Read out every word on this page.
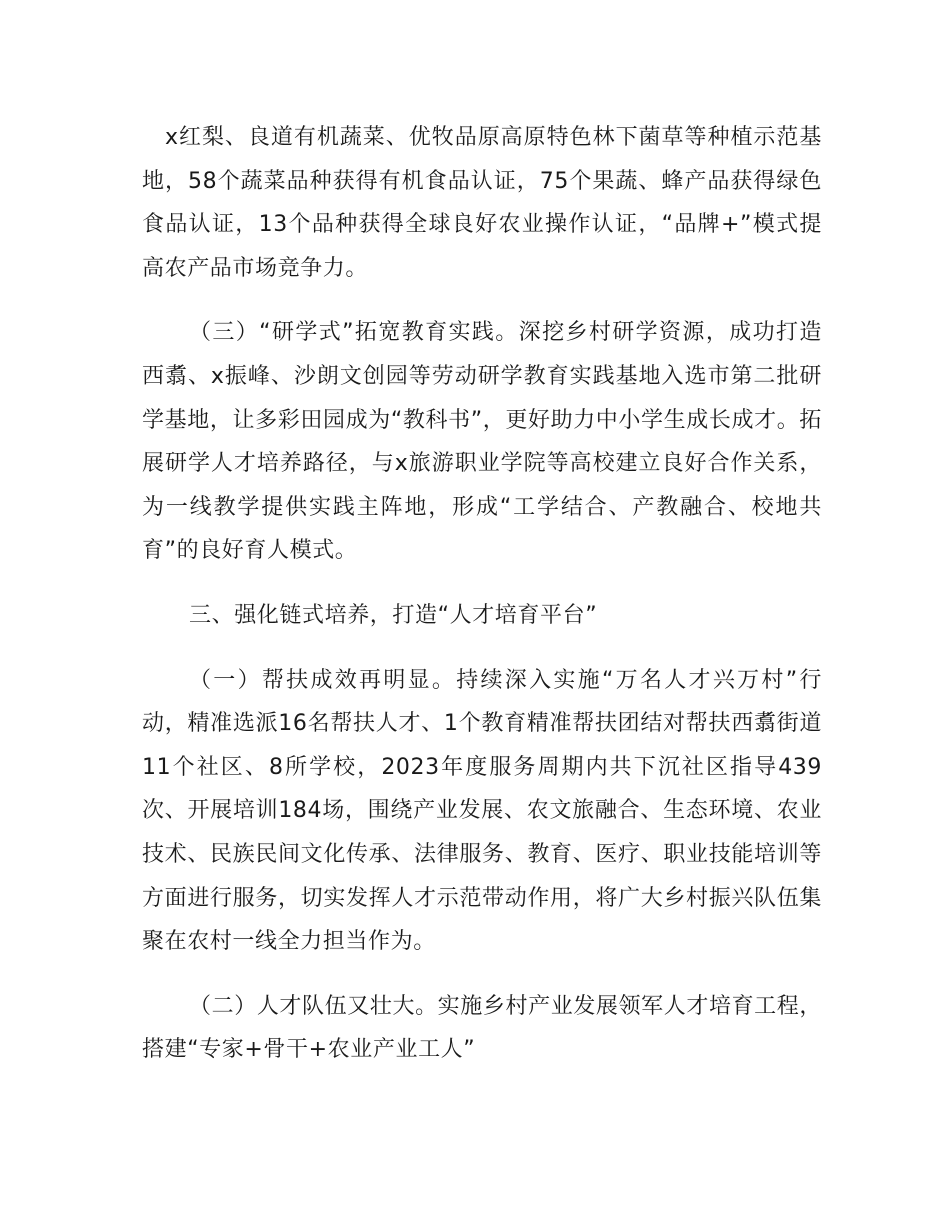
　x红梨、良道有机蔬菜、优牧品原高原特色林下菌草等种植示范基地，58个蔬菜品种获得有机食品认证，75个果蔬、蜂产品获得绿色食品认证，13个品种获得全球良好农业操作认证，“品牌+”模式提高农产品市场竞争力。

（三）“研学式”拓宽教育实践。深挖乡村研学资源，成功打造西翥、x振峰、沙朗文创园等劳动研学教育实践基地入选市第二批研学基地，让多彩田园成为“教科书”，更好助力中小学生成长成才。拓展研学人才培养路径，与x旅游职业学院等高校建立良好合作关系，为一线教学提供实践主阵地，形成“工学结合、产教融合、校地共育”的良好育人模式。

三、强化链式培养，打造“人才培育平台”

（一）帮扶成效再明显。持续深入实施“万名人才兴万村”行动，精准选派16名帮扶人才、1个教育精准帮扶团结对帮扶西翥街道11个社区、8所学校，2023年度服务周期内共下沉社区指导439次、开展培训184场，围绕产业发展、农文旅融合、生态环境、农业技术、民族民间文化传承、法律服务、教育、医疗、职业技能培训等方面进行服务，切实发挥人才示范带动作用，将广大乡村振兴队伍集聚在农村一线全力担当作为。

（二）人才队伍又壮大。实施乡村产业发展领军人才培育工程，搭建“专家+骨干+农业产业工人”
